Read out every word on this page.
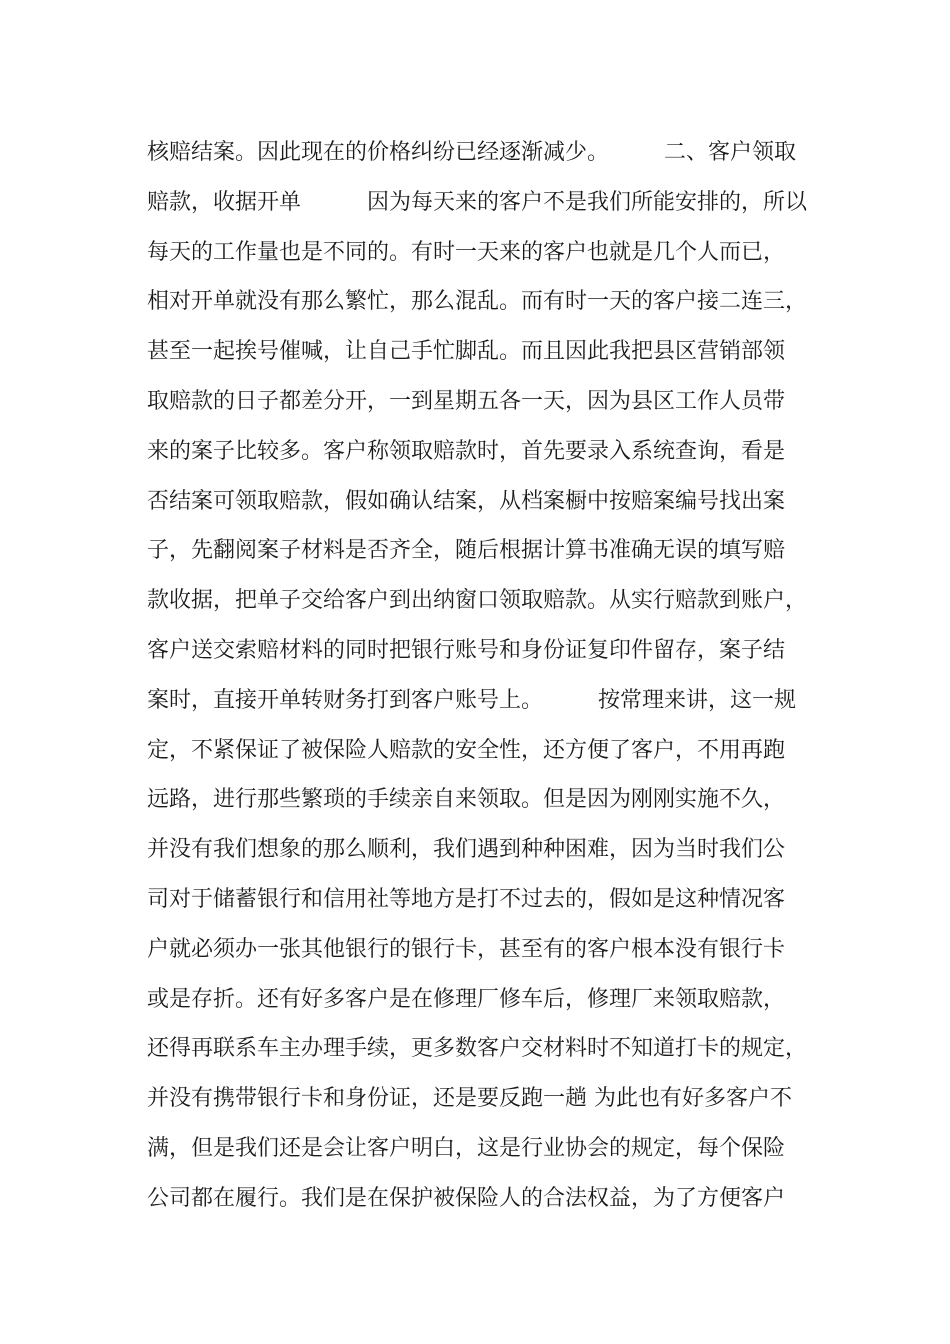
核赔结案。因此现在的价格纠纷已经逐渐减少。　　　二、客户领取
赔款，收据开单　　　因为每天来的客户不是我们所能安排的，所以
每天的工作量也是不同的。有时一天来的客户也就是几个人而已，
相对开单就没有那么繁忙，那么混乱。而有时一天的客户接二连三，
甚至一起挨号催喊，让自己手忙脚乱。而且因此我把县区营销部领
取赔款的日子都差分开，一到星期五各一天，因为县区工作人员带
来的案子比较多。客户称领取赔款时，首先要录入系统查询，看是
否结案可领取赔款，假如确认结案，从档案橱中按赔案编号找出案
子，先翻阅案子材料是否齐全，随后根据计算书准确无误的填写赔
款收据，把单子交给客户到出纳窗口领取赔款。从实行赔款到账户，
客户送交索赔材料的同时把银行账号和身份证复印件留存，案子结
案时，直接开单转财务打到客户账号上。　　　按常理来讲，这一规
定，不紧保证了被保险人赔款的安全性，还方便了客户，不用再跑
远路，进行那些繁琐的手续亲自来领取。但是因为刚刚实施不久，
并没有我们想象的那么顺利，我们遇到种种困难，因为当时我们公
司对于储蓄银行和信用社等地方是打不过去的，假如是这种情况客
户就必须办一张其他银行的银行卡，甚至有的客户根本没有银行卡
或是存折。还有好多客户是在修理厂修车后，修理厂来领取赔款，
还得再联系车主办理手续，更多数客户交材料时不知道打卡的规定，
并没有携带银行卡和身份证，还是要反跑一趟 为此也有好多客户不
满，但是我们还是会让客户明白，这是行业协会的规定，每个保险
公司都在履行。我们是在保护被保险人的合法权益，为了方便客户
